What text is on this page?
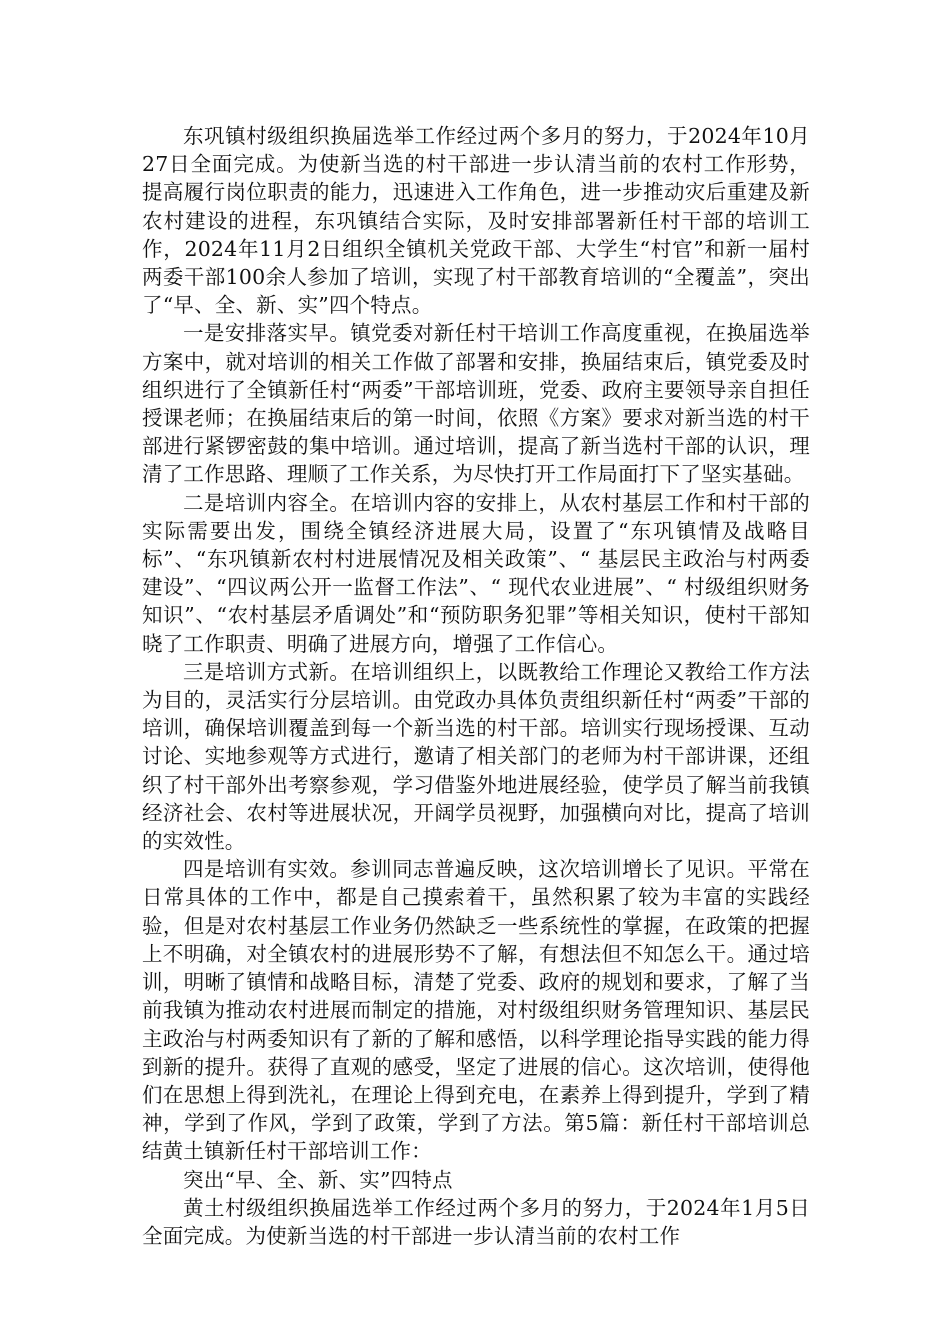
东巩镇村级组织换届选举工作经过两个多月的努力，于2024年10月27日全面完成。为使新当选的村干部进一步认清当前的农村工作形势，提高履行岗位职责的能力，迅速进入工作角色，进一步推动灾后重建及新农村建设的进程，东巩镇结合实际，及时安排部署新任村干部的培训工作，2024年11月2日组织全镇机关党政干部、大学生“村官”和新一届村两委干部100余人参加了培训，实现了村干部教育培训的“全覆盖”，突出了“早、全、新、实”四个特点。

一是安排落实早。镇党委对新任村干培训工作高度重视，在换届选举方案中，就对培训的相关工作做了部署和安排，换届结束后，镇党委及时组织进行了全镇新任村“两委”干部培训班，党委、政府主要领导亲自担任授课老师；在换届结束后的第一时间，依照《方案》要求对新当选的村干部进行紧锣密鼓的集中培训。通过培训，提高了新当选村干部的认识，理清了工作思路、理顺了工作关系，为尽快打开工作局面打下了坚实基础。

二是培训内容全。在培训内容的安排上，从农村基层工作和村干部的实际需要出发，围绕全镇经济进展大局，设置了“东巩镇情及战略目标”、“东巩镇新农村村进展情况及相关政策”、“ 基层民主政治与村两委建设”、“四议两公开一监督工作法”、“ 现代农业进展”、“ 村级组织财务知识”、“农村基层矛盾调处”和“预防职务犯罪”等相关知识，使村干部知晓了工作职责、明确了进展方向，增强了工作信心。

三是培训方式新。在培训组织上，以既教给工作理论又教给工作方法为目的，灵活实行分层培训。由党政办具体负责组织新任村“两委”干部的培训，确保培训覆盖到每一个新当选的村干部。培训实行现场授课、互动讨论、实地参观等方式进行，邀请了相关部门的老师为村干部讲课，还组织了村干部外出考察参观，学习借鉴外地进展经验，使学员了解当前我镇经济社会、农村等进展状况，开阔学员视野，加强横向对比，提高了培训的实效性。

四是培训有实效。参训同志普遍反映，这次培训增长了见识。平常在日常具体的工作中，都是自己摸索着干，虽然积累了较为丰富的实践经验，但是对农村基层工作业务仍然缺乏一些系统性的掌握，在政策的把握上不明确，对全镇农村的进展形势不了解，有想法但不知怎么干。通过培训，明晰了镇情和战略目标，清楚了党委、政府的规划和要求，了解了当前我镇为推动农村进展而制定的措施，对村级组织财务管理知识、基层民主政治与村两委知识有了新的了解和感悟，以科学理论指导实践的能力得到新的提升。获得了直观的感受，坚定了进展的信心。这次培训，使得他们在思想上得到洗礼，在理论上得到充电，在素养上得到提升，学到了精神，学到了作风，学到了政策，学到了方法。第5篇：新任村干部培训总结黄土镇新任村干部培训工作：

突出“早、全、新、实”四特点

黄土村级组织换届选举工作经过两个多月的努力，于2024年1月5日全面完成。为使新当选的村干部进一步认清当前的农村工作
